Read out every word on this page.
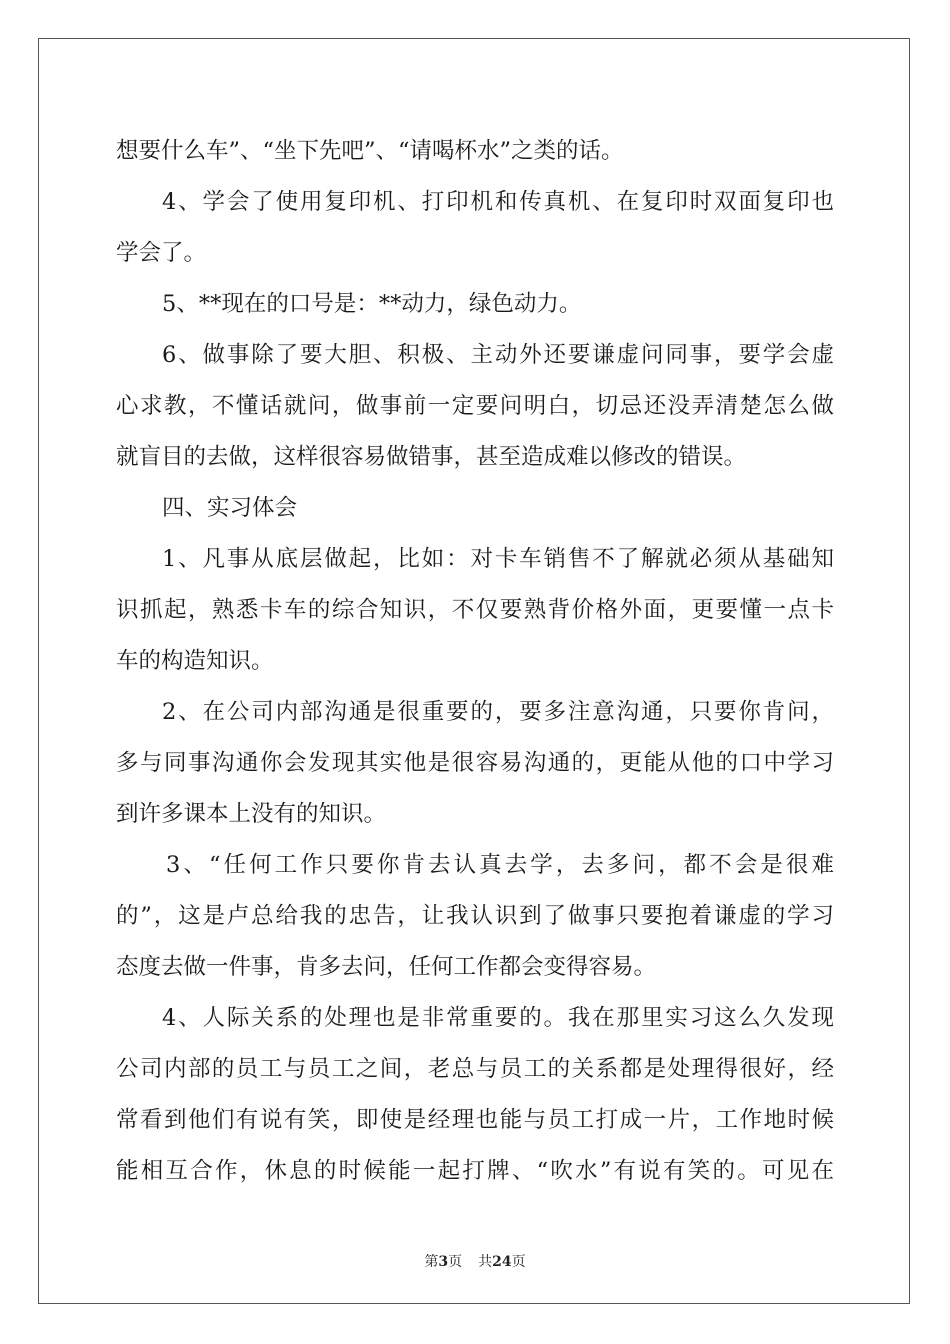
想要什么车”、“坐下先吧”、“请喝杯水”之类的话。
4、学会了使用复印机、打印机和传真机、在复印时双面复印也
学会了。
5、**现在的口号是：**动力，绿色动力。
6、做事除了要大胆、积极、主动外还要谦虚问同事，要学会虚
心求教，不懂话就问，做事前一定要问明白，切忌还没弄清楚怎么做
就盲目的去做，这样很容易做错事，甚至造成难以修改的错误。
四、实习体会
1、凡事从底层做起，比如：对卡车销售不了解就必须从基础知
识抓起，熟悉卡车的综合知识，不仅要熟背价格外面，更要懂一点卡
车的构造知识。
2、在公司内部沟通是很重要的，要多注意沟通，只要你肯问，
多与同事沟通你会发现其实他是很容易沟通的，更能从他的口中学习
到许多课本上没有的知识。
3、“任何工作只要你肯去认真去学，去多问，都不会是很难
的”，这是卢总给我的忠告，让我认识到了做事只要抱着谦虚的学习
态度去做一件事，肯多去问，任何工作都会变得容易。
4、人际关系的处理也是非常重要的。我在那里实习这么久发现
公司内部的员工与员工之间，老总与员工的关系都是处理得很好，经
常看到他们有说有笑，即使是经理也能与员工打成一片，工作地时候
能相互合作，休息的时候能一起打牌、“吹水”有说有笑的。可见在
第3页 共24页
